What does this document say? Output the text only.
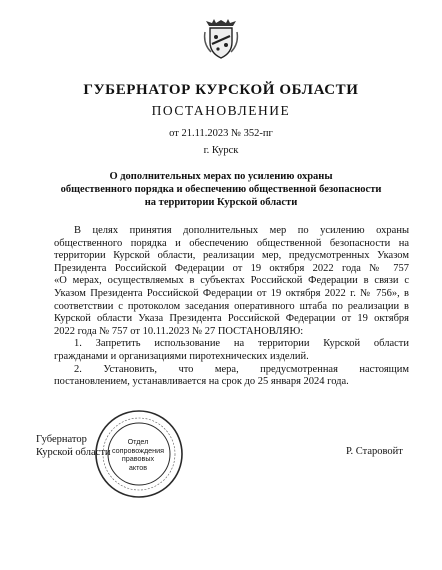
ГУБЕРНАТОР КУРСКОЙ ОБЛАСТИ
ПОСТАНОВЛЕНИЕ
от 21.11.2023 № 352-пг
г. Курск
О дополнительных мерах по усилению охраны
общественного порядка и обеспечению общественной безопасности
на территории Курской области
В целях принятия дополнительных мер по усилению охраны
общественного порядка и обеспечению общественной безопасности на
территории Курской области, реализации мер, предусмотренных Указом
Президента Российской Федерации от 19 октября 2022 года № 757
«О мерах, осуществляемых в субъектах Российской Федерации в связи с
Указом Президента Российской Федерации от 19 октября 2022 г. № 756», в
соответствии с протоколом заседания оперативного штаба по реализации в
Курской области Указа Президента Российской Федерации от 19 октября
2022 года № 757 от 10.11.2023 № 27 ПОСТАНОВЛЯЮ:
1. Запретить использование на территории Курской области
гражданами и организациями пиротехнических изделий.
2. Установить, что мера, предусмотренная настоящим
постановлением, устанавливается на срок до 25 января 2024 года.
Отдел
сопровождения
правовых
актов
Губернатор
Курской области	Р. Старовойт
